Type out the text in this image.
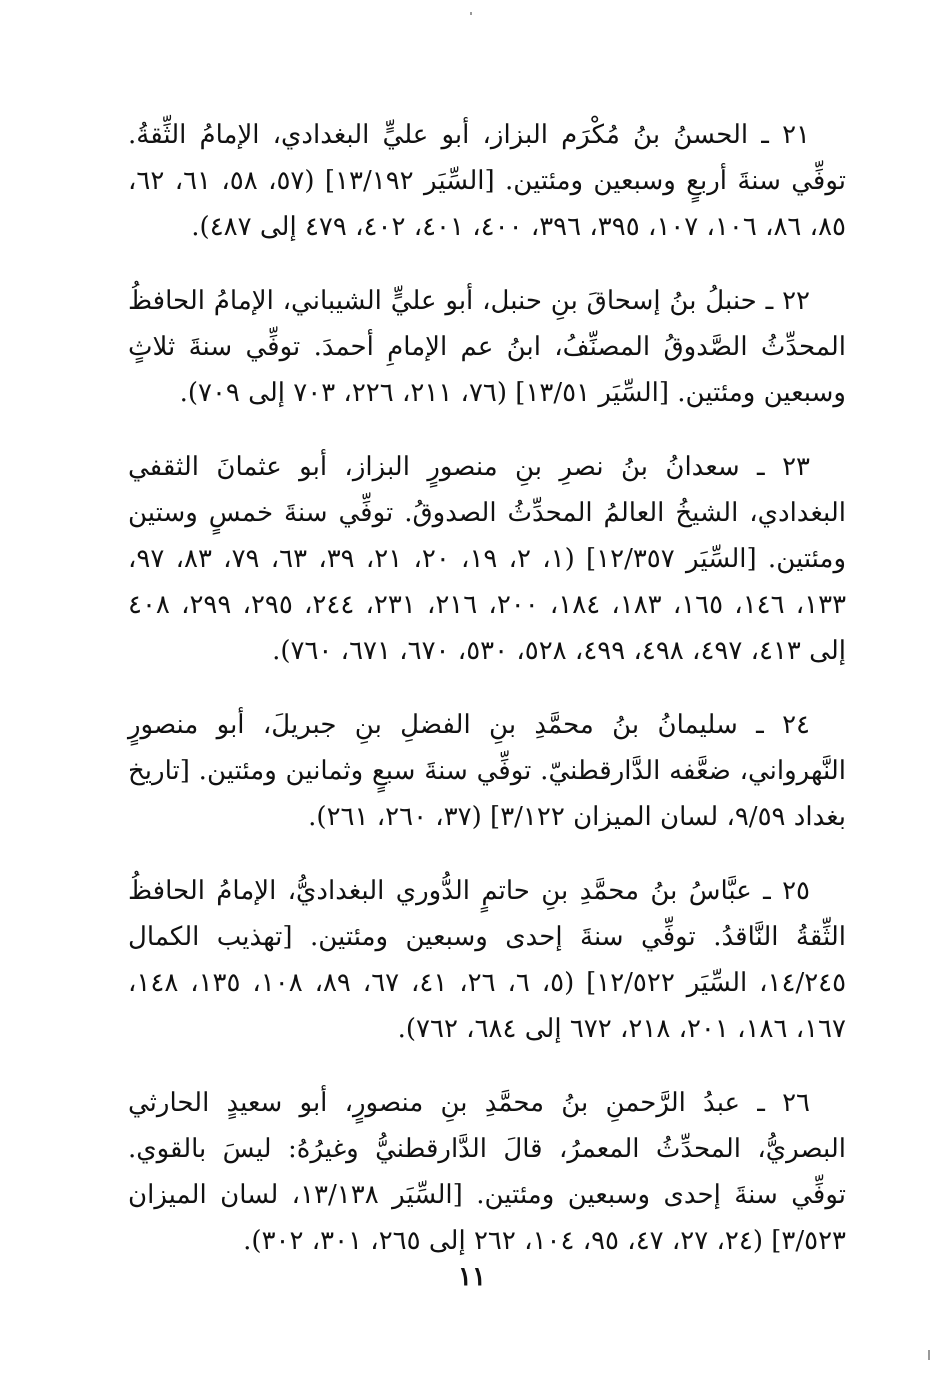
٢١ ـ الحسنُ بنُ مُكْرَم البزاز، أبو عليٍّ البغدادي، الإمامُ الثِّقةُ. توفِّي سنةَ أربعٍ وسبعين ومئتين. [السِّيَر ١٣/١٩٢] (٥٧، ٥٨، ٦١، ٦٢، ٨٥، ٨٦، ١٠٦، ١٠٧، ٣٩٥، ٣٩٦، ٤٠٠، ٤٠١، ٤٠٢، ٤٧٩ إلى ٤٨٧).

٢٢ ـ حنبلُ بنُ إسحاقَ بنِ حنبل، أبو عليٍّ الشيباني، الإمامُ الحافظُ المحدِّثُ الصَّدوقُ المصنِّفُ، ابنُ عم الإمامِ أحمدَ. توفِّي سنةَ ثلاثٍ وسبعين ومئتين. [السِّيَر ١٣/٥١] (٧٦، ٢١١، ٢٢٦، ٧٠٣ إلى ٧٠٩).

٢٣ ـ سعدانُ بنُ نصرِ بنِ منصورٍ البزاز، أبو عثمانَ الثقفي البغدادي، الشيخُ العالمُ المحدِّثُ الصدوقُ. توفِّي سنةَ خمسٍ وستين ومئتين. [السِّيَر ١٢/٣٥٧] (١، ٢، ١٩، ٢٠، ٢١، ٣٩، ٦٣، ٧٩، ٨٣، ٩٧، ١٣٣، ١٤٦، ١٦٥، ١٨٣، ١٨٤، ٢٠٠، ٢١٦، ٢٣١، ٢٤٤، ٢٩٥، ٢٩٩، ٤٠٨ إلى ٤١٣، ٤٩٧، ٤٩٨، ٤٩٩، ٥٢٨، ٥٣٠، ٦٧٠، ٦٧١، ٧٦٠).

٢٤ ـ سليمانُ بنُ محمَّدِ بنِ الفضلِ بنِ جبريلَ، أبو منصورٍ النَّهرواني، ضعَّفه الدَّارقطنيّ. توفِّي سنةَ سبعٍ وثمانين ومئتين. [تاريخ بغداد ٩/٥٩، لسان الميزان ٣/١٢٢] (٣٧، ٢٦٠، ٢٦١).

٢٥ ـ عبَّاسُ بنُ محمَّدِ بنِ حاتمٍ الدُّوري البغداديُّ، الإمامُ الحافظُ الثِّقةُ النَّاقدُ. توفِّي سنةَ إحدى وسبعين ومئتين. [تهذيب الكمال ١٤/٢٤٥، السِّيَر ١٢/٥٢٢] (٥، ٦، ٢٦، ٤١، ٦٧، ٨٩، ١٠٨، ١٣٥، ١٤٨، ١٦٧، ١٨٦، ٢٠١، ٢١٨، ٦٧٢ إلى ٦٨٤، ٧٦٢).

٢٦ ـ عبدُ الرَّحمنِ بنُ محمَّدِ بنِ منصورٍ، أبو سعيدٍ الحارثي البصريُّ، المحدِّثُ المعمرُ، قالَ الدَّارقطنيُّ وغيرُهُ: ليسَ بالقوي. توفِّي سنةَ إحدى وسبعين ومئتين. [السِّيَر ١٣/١٣٨، لسان الميزان ٣/٥٢٣] (٢٤، ٢٧، ٤٧، ٩٥، ١٠٤، ٢٦٢ إلى ٢٦٥، ٣٠١، ٣٠٢).

١١
